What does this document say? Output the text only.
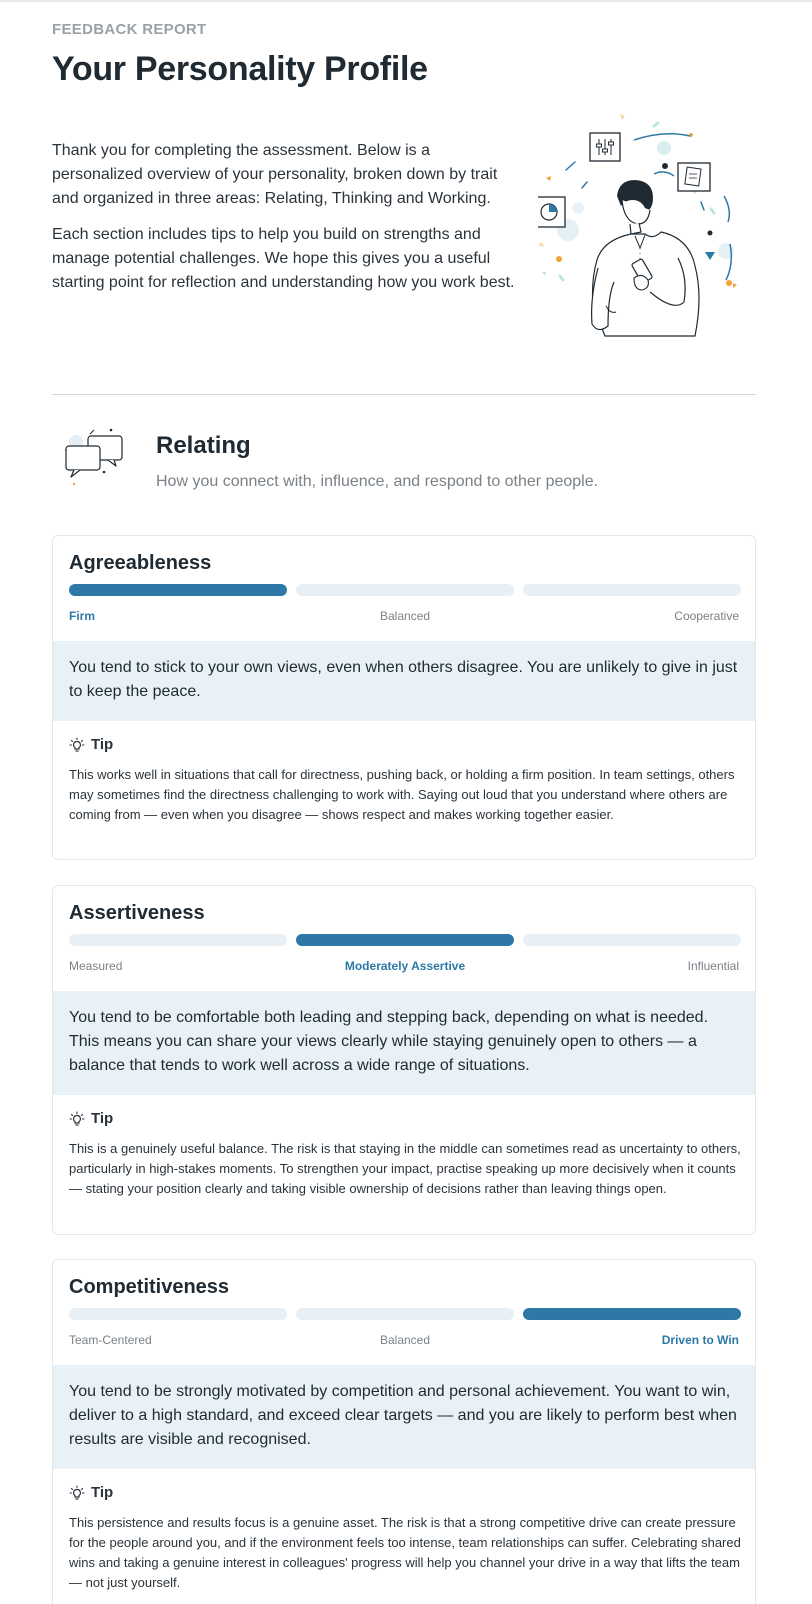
FEEDBACK REPORT
Your Personality Profile

Thank you for completing the assessment. Below is a personalized overview of your personality, broken down by trait and organized in three areas: Relating, Thinking and Working.

Each section includes tips to help you build on strengths and manage potential challenges. We hope this gives you a useful starting point for reflection and understanding how you work best.

Relating
How you connect with, influence, and respond to other people.
Agreeableness
Firm	Balanced	Cooperative
You tend to stick to your own views, even when others disagree. You are unlikely to give in just to keep the peace.
Tip
This works well in situations that call for directness, pushing back, or holding a firm position. In team settings, others may sometimes find the directness challenging to work with. Saying out loud that you understand where others are coming from — even when you disagree — shows respect and makes working together easier.
Assertiveness
Measured	Moderately Assertive	Influential
You tend to be comfortable both leading and stepping back, depending on what is needed. This means you can share your views clearly while staying genuinely open to others — a balance that tends to work well across a wide range of situations.
Tip
This is a genuinely useful balance. The risk is that staying in the middle can sometimes read as uncertainty to others, particularly in high-stakes moments. To strengthen your impact, practise speaking up more decisively when it counts — stating your position clearly and taking visible ownership of decisions rather than leaving things open.
Competitiveness
Team-Centered	Balanced	Driven to Win
You tend to be strongly motivated by competition and personal achievement. You want to win, deliver to a high standard, and exceed clear targets — and you are likely to perform best when results are visible and recognised.
Tip
This persistence and results focus is a genuine asset. The risk is that a strong competitive drive can create pressure for the people around you, and if the environment feels too intense, team relationships can suffer. Celebrating shared wins and taking a genuine interest in colleagues' progress will help you channel your drive in a way that lifts the team — not just yourself.
